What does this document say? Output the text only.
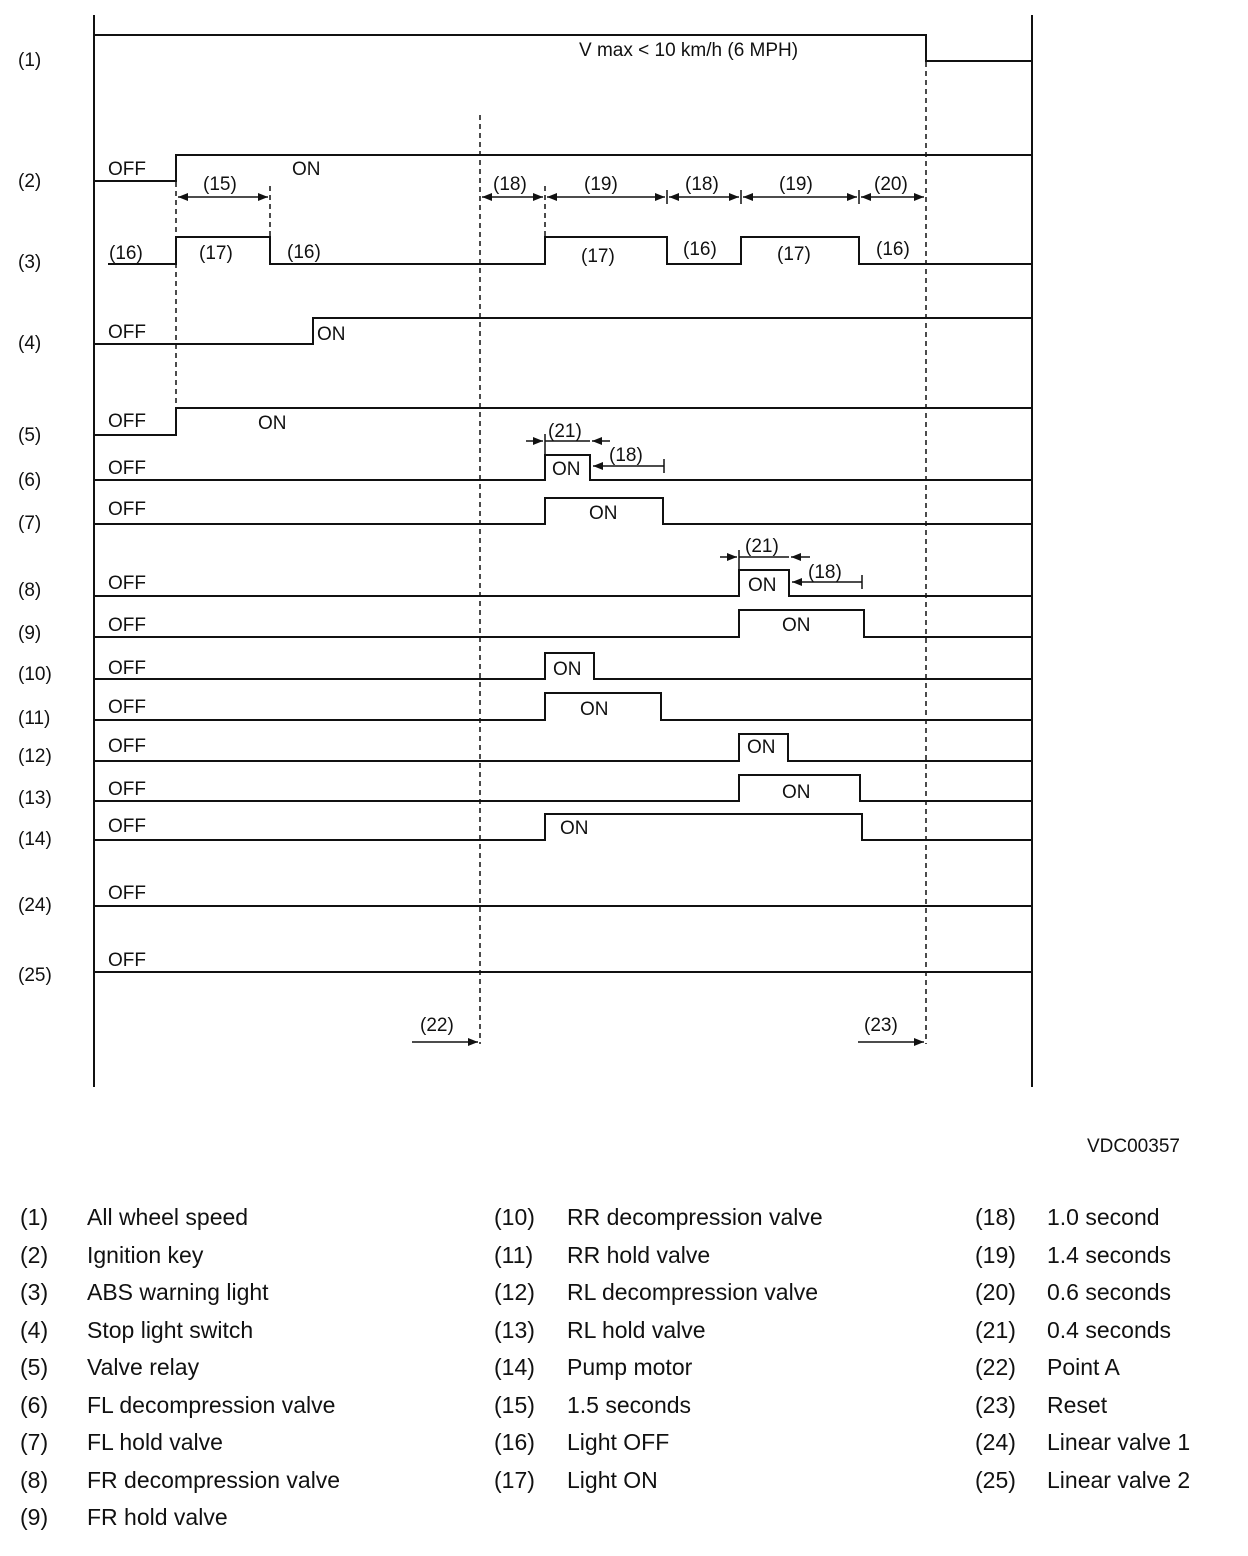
(1)
(2)
(3)
(4)
(5)
(6)
(7)
(8)
(9)
(10)
(11)
(12)
(13)
(14)
(24)
(25)
V max < 10 km/h (6 MPH)
OFF	ON
OFF	ON
OFF	ON
OFF	ON
OFF	ON
OFF	ON
OFF	ON
OFF	ON
OFF	ON
OFF	ON
OFF	ON
OFF	ON
OFF
OFF
(16)	(17)	(16)	(17)	(16)	(17)	(16)
(15)	(18)	(19)	(18)	(19)	(20)
(21)
(18)
(21)
(18)
(22)	(23)
VDC00357
(1) All wheel speed
(2) Ignition key
(3) ABS warning light
(4) Stop light switch
(5) Valve relay
(6) FL decompression valve
(7) FL hold valve
(8) FR decompression valve
(9) FR hold valve
(10) RR decompression valve
(11) RR hold valve
(12) RL decompression valve
(13) RL hold valve
(14) Pump motor
(15) 1.5 seconds
(16) Light OFF
(17) Light ON
(18) 1.0 second
(19) 1.4 seconds
(20) 0.6 seconds
(21) 0.4 seconds
(22) Point A
(23) Reset
(24) Linear valve 1
(25) Linear valve 2
